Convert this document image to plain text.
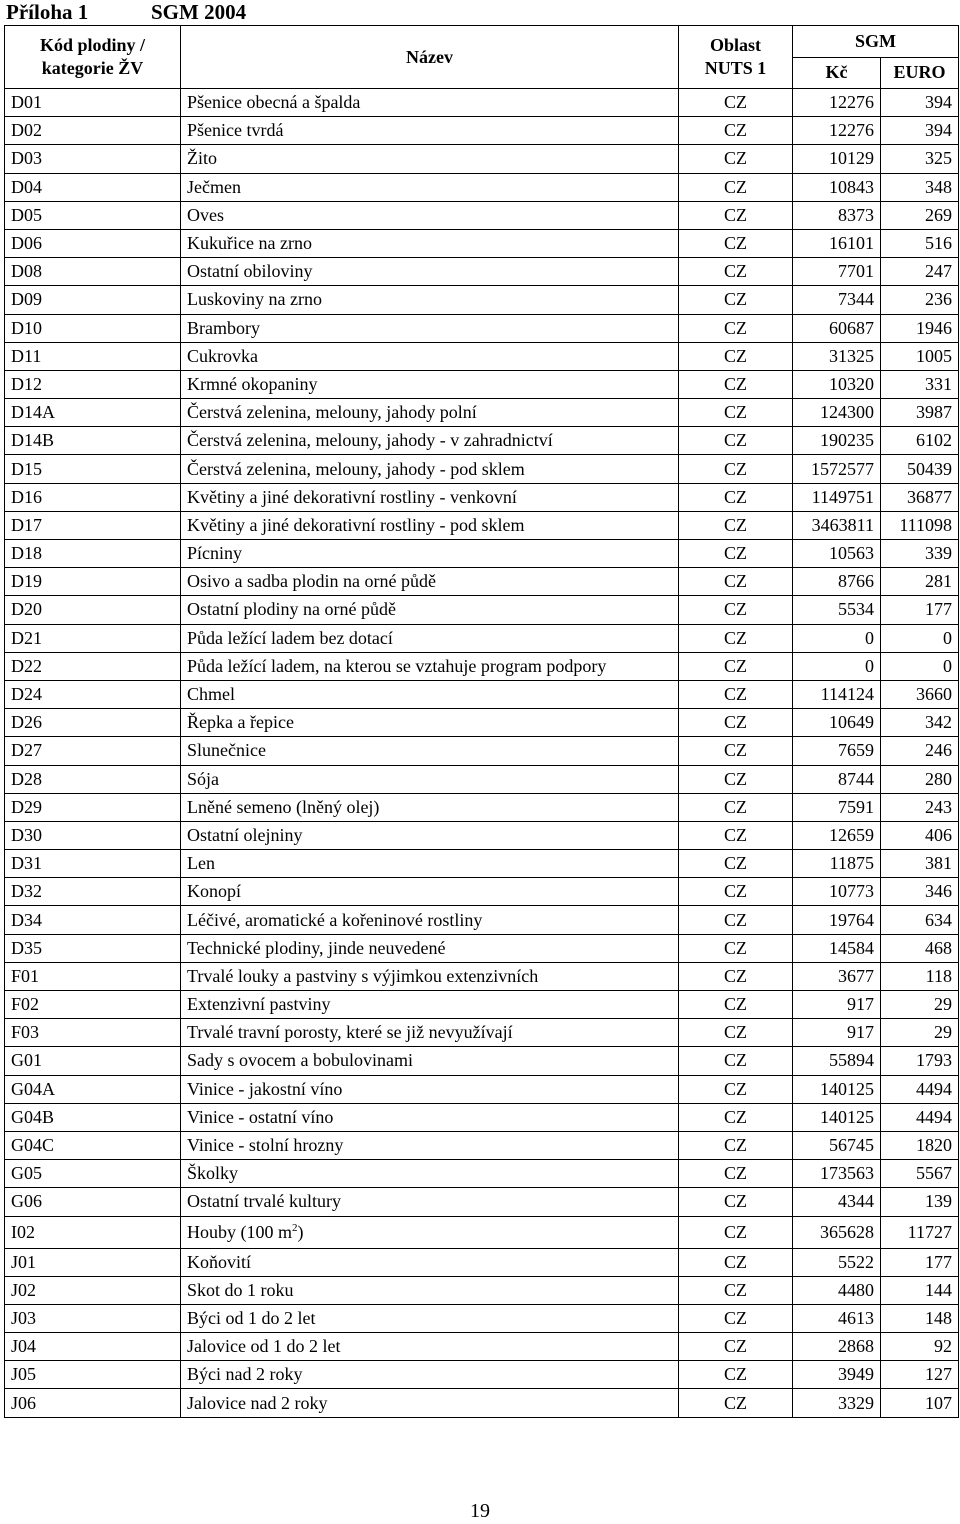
Příloha 1	SGM 2004
Kód plodiny / kategorie ŽV	Název	Oblast NUTS 1	SGM	
			Kč	EURO
D01	Pšenice obecná a špalda	CZ	12276	394
D02	Pšenice tvrdá	CZ	12276	394
D03	Žito	CZ	10129	325
D04	Ječmen	CZ	10843	348
D05	Oves	CZ	8373	269
D06	Kukuřice na zrno	CZ	16101	516
D08	Ostatní obiloviny	CZ	7701	247
D09	Luskoviny na zrno	CZ	7344	236
D10	Brambory	CZ	60687	1946
D11	Cukrovka	CZ	31325	1005
D12	Krmné okopaniny	CZ	10320	331
D14A	Čerstvá zelenina, melouny, jahody polní	CZ	124300	3987
D14B	Čerstvá zelenina, melouny, jahody - v zahradnictví	CZ	190235	6102
D15	Čerstvá zelenina, melouny, jahody - pod sklem	CZ	1572577	50439
D16	Květiny a jiné dekorativní rostliny - venkovní	CZ	1149751	36877
D17	Květiny a jiné dekorativní rostliny - pod sklem	CZ	3463811	111098
D18	Pícniny	CZ	10563	339
D19	Osivo a sadba plodin na orné půdě	CZ	8766	281
D20	Ostatní plodiny na orné půdě	CZ	5534	177
D21	Půda ležící ladem bez dotací	CZ	0	0
D22	Půda ležící ladem, na kterou se vztahuje program podpory	CZ	0	0
D24	Chmel	CZ	114124	3660
D26	Řepka a řepice	CZ	10649	342
D27	Slunečnice	CZ	7659	246
D28	Sója	CZ	8744	280
D29	Lněné semeno (lněný olej)	CZ	7591	243
D30	Ostatní olejniny	CZ	12659	406
D31	Len	CZ	11875	381
D32	Konopí	CZ	10773	346
D34	Léčivé, aromatické a kořeninové rostliny	CZ	19764	634
D35	Technické plodiny, jinde neuvedené	CZ	14584	468
F01	Trvalé louky a pastviny s výjimkou extenzivních	CZ	3677	118
F02	Extenzivní pastviny	CZ	917	29
F03	Trvalé travní porosty, které se již nevyužívají	CZ	917	29
G01	Sady s ovocem a bobulovinami	CZ	55894	1793
G04A	Vinice - jakostní víno	CZ	140125	4494
G04B	Vinice - ostatní víno	CZ	140125	4494
G04C	Vinice - stolní hrozny	CZ	56745	1820
G05	Školky	CZ	173563	5567
G06	Ostatní trvalé kultury	CZ	4344	139
I02	Houby (100 $m^2$)	CZ	365628	11727
J01	Koňovití	CZ	5522	177
J02	Skot do 1 roku	CZ	4480	144
J03	Býci od 1 do 2 let	CZ	4613	148
J04	Jalovice od 1 do 2 let	CZ	2868	92
J05	Býci nad 2 roky	CZ	3949	127
J06	Jalovice nad 2 roky	CZ	3329	107
19
